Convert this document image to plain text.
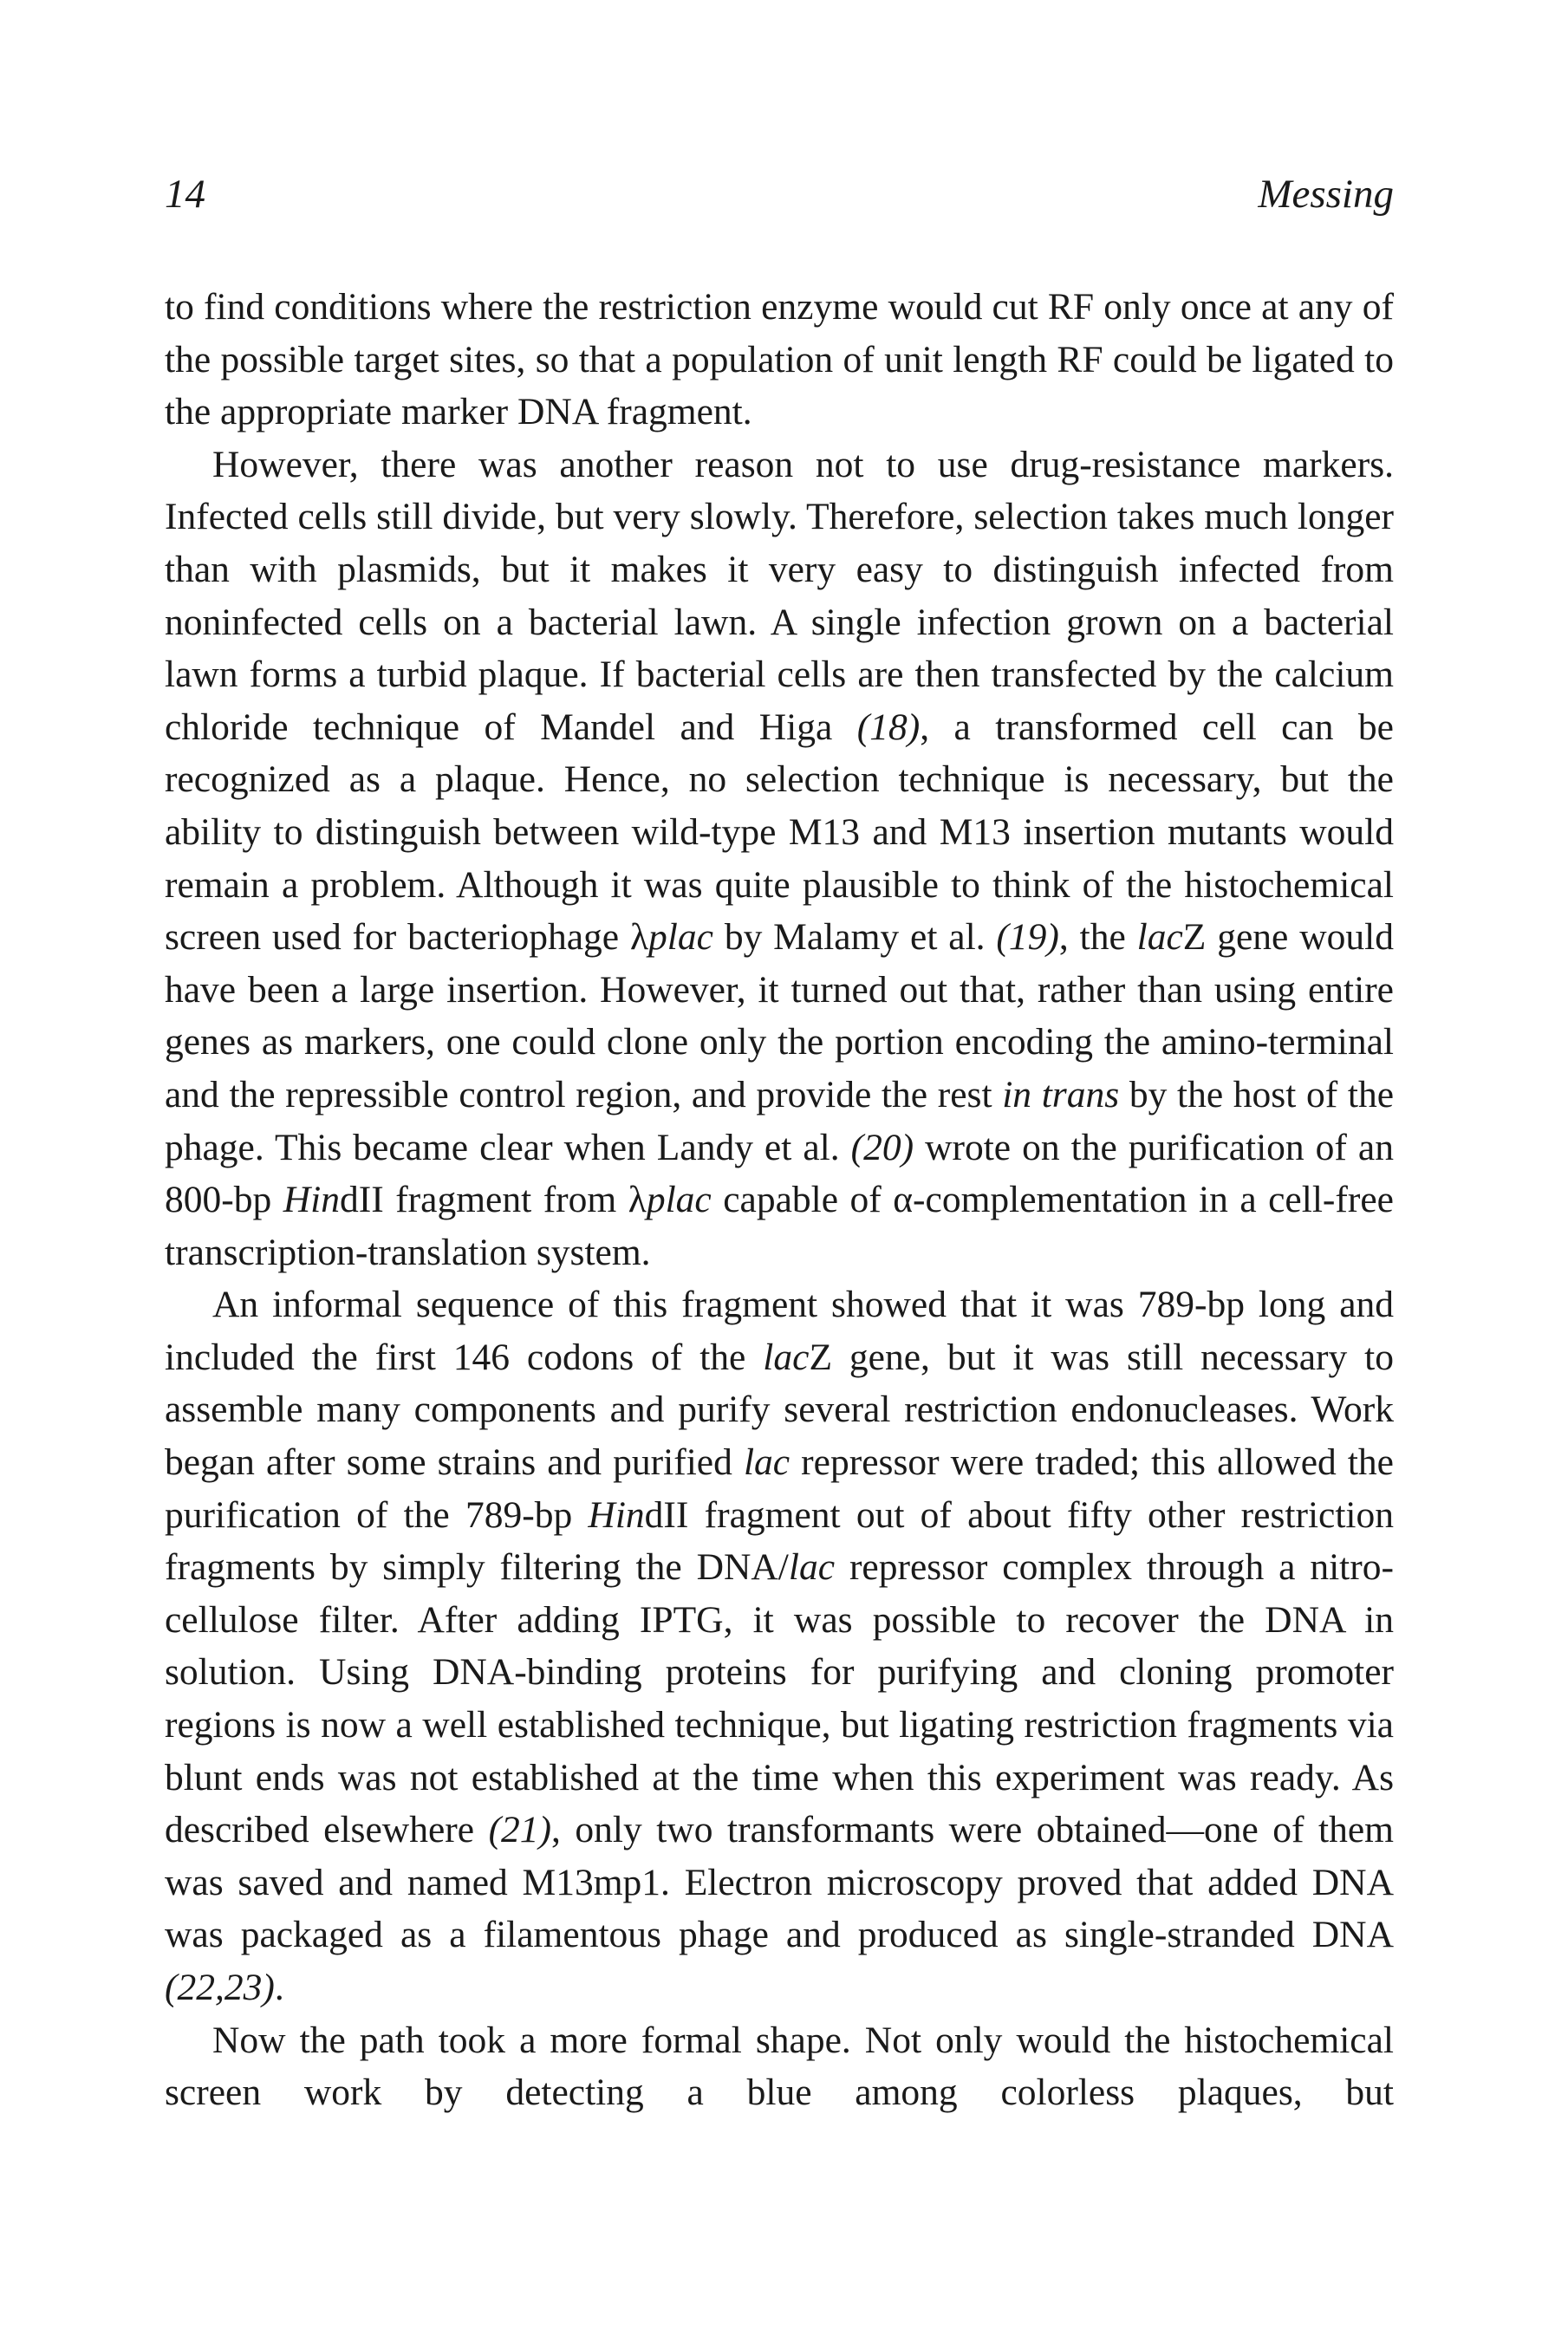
14	Messing

to find conditions where the restriction enzyme would cut RF only once at any of the possible target sites, so that a population of unit length RF could be ligated to the appropriate marker DNA fragment.

However, there was another reason not to use drug-resistance markers. Infected cells still divide, but very slowly. Therefore, selection takes much longer than with plasmids, but it makes it very easy to distinguish infected from noninfected cells on a bacterial lawn. A single infection grown on a bacterial lawn forms a turbid plaque. If bacterial cells are then transfected by the calcium chloride technique of Mandel and Higa (18), a transformed cell can be recognized as a plaque. Hence, no selection technique is necessary, but the ability to distinguish between wild-type M13 and M13 insertion mutants would remain a problem. Although it was quite plausible to think of the histochemical screen used for bacteriophage λplac by Malamy et al. (19), the lacZ gene would have been a large insertion. However, it turned out that, rather than using entire genes as markers, one could clone only the portion encoding the amino-terminal and the repressible control region, and provide the rest in trans by the host of the phage. This became clear when Landy et al. (20) wrote on the purification of an 800-bp HindII fragment from λplac capable of α-complementation in a cell-free transcription-translation system.

An informal sequence of this fragment showed that it was 789-bp long and included the first 146 codons of the lacZ gene, but it was still necessary to assemble many components and purify several restriction endonucleases. Work began after some strains and purified lac repressor were traded; this allowed the purification of the 789-bp HindII fragment out of about fifty other restriction fragments by simply filtering the DNA/lac repressor complex through a nitrocellulose filter. After adding IPTG, it was possible to recover the DNA in solution. Using DNA-binding proteins for purifying and cloning promoter regions is now a well established technique, but ligating restriction fragments via blunt ends was not established at the time when this experiment was ready. As described elsewhere (21), only two transformants were obtained—one of them was saved and named M13mp1. Electron microscopy proved that added DNA was packaged as a filamentous phage and produced as single-stranded DNA (22,23).

Now the path took a more formal shape. Not only would the histochemical screen work by detecting a blue among colorless plaques, but
